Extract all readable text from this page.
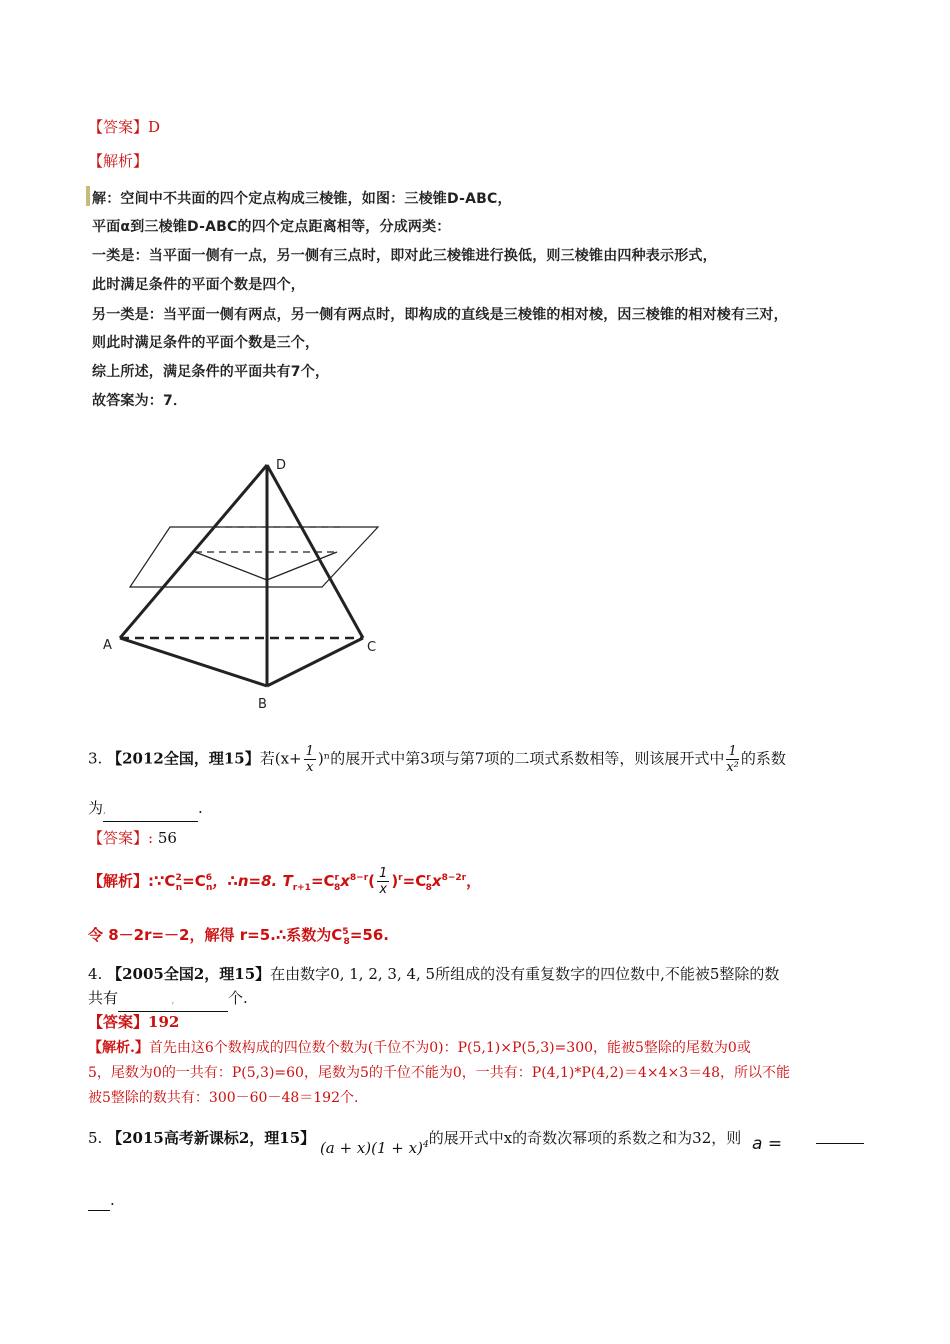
【答案】D
【解析】
解：空间中不共面的四个定点构成三棱锥，如图：三棱锥D-ABC，
平面α到三棱锥D-ABC的四个定点距离相等，分成两类：
一类是：当平面一侧有一点，另一侧有三点时，即对此三棱锥进行换低，则三棱锥由四种表示形式，
此时满足条件的平面个数是四个，
另一类是：当平面一侧有两点，另一侧有两点时，即构成的直线是三棱锥的相对棱，因三棱锥的相对棱有三对，
则此时满足条件的平面个数是三个，
综上所述，满足条件的平面共有7个，
故答案为：7．
D
A	C
B
3. 【2012全国，理15】若$(x+ \frac{1}{x} )^n$的展开式中第3项与第7项的二项式系数相等，则该展开式中 $\frac{1}{\text{x²}}$ 的系数
为,	.
【答案】: 56
【解析】$:\because C^2_n=C^6_n$，∴n=8. $T_{r+1}=C^r_8x^{8-r}( \frac{1}{x} )^r=C^r_8x^{8-2r}$，
令 8－2r=－2，解得 r=5.∴系数为$C^5_8=56$.
4. 【2005全国2，理15】在由数字0, 1, 2, 3, 4, 5所组成的没有重复数字的四位数中,不能被5整除的数
共有	,	个.
【答案】192
【解析.】首先由这6个数构成的四位数个数为(千位不为0)：P(5,1)×P(5,3)=300，能被5整除的尾数为0或
5，尾数为0的一共有：P(5,3)=60，尾数为5的千位不能为0，一共有：P(4,1)*P(4,2)＝4×4×3＝48，所以不能
被5整除的数共有：300－60－48＝192个.
5. 【2015高考新课标2，理15】 $(a + x)(1 + x)^4$的展开式中x的奇数次幂项的系数之和为32，则 a =
.
